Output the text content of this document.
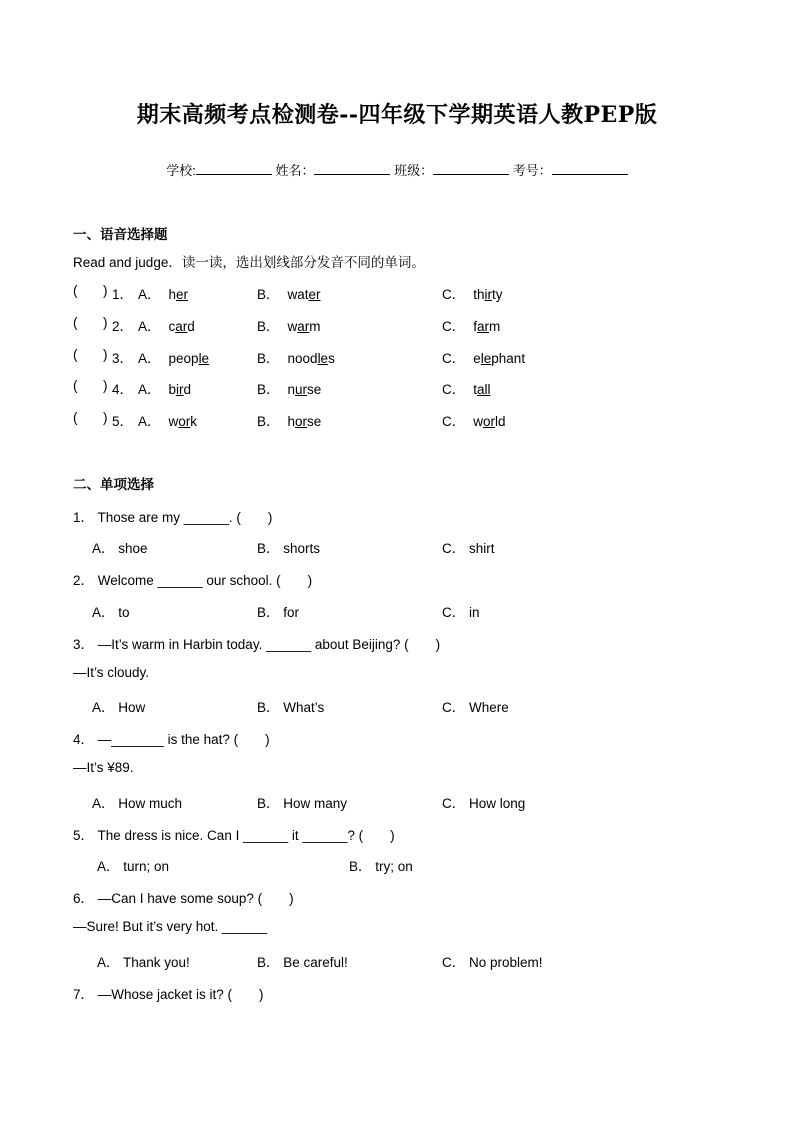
期末高频考点检测卷--四年级下学期英语人教PEP版
学校:	姓名：	班级：	考号：
一、语音选择题
Read and judge．读一读，选出划线部分发音不同的单词。
( ) 1． A． her	B． water	C． thirty
( ) 2． A． card	B． warm	C． farm
( ) 3． A． people	B． noodles	C． elephant
( ) 4． A． bird	B． nurse	C． tall
( ) 5． A． work	B． horse	C． world
二、单项选择
1． Those are my ______. (　　)
A． shoe	B． shorts	C． shirt
2． Welcome ______ our school. (　　)
A． to	B． for	C． in
3． —It’s warm in Harbin today. ______ about Beijing? (　　)
—It’s cloudy.
A． How	B． What’s	C． Where
4． —_______ is the hat? (　　)
—It’s ¥89.
A． How much	B． How many	C． How long
5． The dress is nice. Can I ______ it ______? (　　)
A． turn; on	B． try; on
6． —Can I have some soup? (　　)
—Sure! But it’s very hot. ______
A． Thank you!	B． Be careful!	C． No problem!
7． —Whose jacket is it? (　　)
